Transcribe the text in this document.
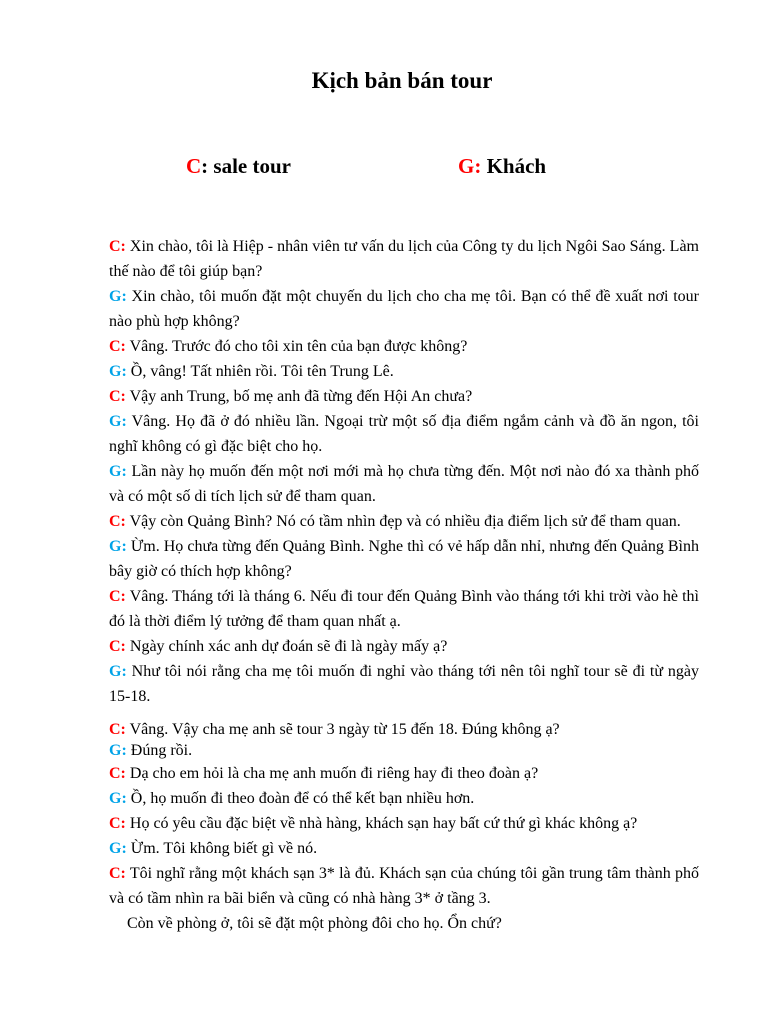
Kịch bản bán tour
C: sale tour	G: Khách

C: Xin chào, tôi là Hiệp - nhân viên tư vấn du lịch của Công ty du lịch Ngôi Sao Sáng. Làm thế nào để tôi giúp bạn?

G: Xin chào, tôi muốn đặt một chuyến du lịch cho cha mẹ tôi. Bạn có thể đề xuất nơi tour nào phù hợp không?

C: Vâng. Trước đó cho tôi xin tên của bạn được không?

G: Ồ, vâng! Tất nhiên rồi. Tôi tên Trung Lê.

C: Vậy anh Trung, bố mẹ anh đã từng đến Hội An chưa?

G: Vâng. Họ đã ở đó nhiều lần. Ngoại trừ một số địa điểm ngắm cảnh và đồ ăn ngon, tôi nghĩ không có gì đặc biệt cho họ.

G: Lần này họ muốn đến một nơi mới mà họ chưa từng đến. Một nơi nào đó xa thành phố và có một số di tích lịch sử để tham quan.

C: Vậy còn Quảng Bình? Nó có tầm nhìn đẹp và có nhiều địa điểm lịch sử để tham quan.

G: Ừm. Họ chưa từng đến Quảng Bình. Nghe thì có vẻ hấp dẫn nhỉ, nhưng đến Quảng Bình bây giờ có thích hợp không?

C: Vâng. Tháng tới là tháng 6. Nếu đi tour đến Quảng Bình vào tháng tới khi trời vào hè thì đó là thời điểm lý tưởng để tham quan nhất ạ.

C: Ngày chính xác anh dự đoán sẽ đi là ngày mấy ạ?

G: Như tôi nói rằng cha mẹ tôi muốn đi nghỉ vào tháng tới nên tôi nghĩ tour sẽ đi từ ngày 15-18.

C: Vâng. Vậy cha mẹ anh sẽ tour 3 ngày từ 15 đến 18. Đúng không ạ?

G: Đúng rồi.

C: Dạ cho em hỏi là cha mẹ anh muốn đi riêng hay đi theo đoàn ạ?

G: Ồ, họ muốn đi theo đoàn để có thể kết bạn nhiều hơn.

C: Họ có yêu cầu đặc biệt về nhà hàng, khách sạn hay bất cứ thứ gì khác không ạ?

G: Ừm. Tôi không biết gì về nó.

C: Tôi nghĩ rằng một khách sạn 3* là đủ. Khách sạn của chúng tôi gần trung tâm thành phố và có tầm nhìn ra bãi biển và cũng có nhà hàng 3* ở tầng 3.

Còn về phòng ở, tôi sẽ đặt một phòng đôi cho họ. Ổn chứ?
